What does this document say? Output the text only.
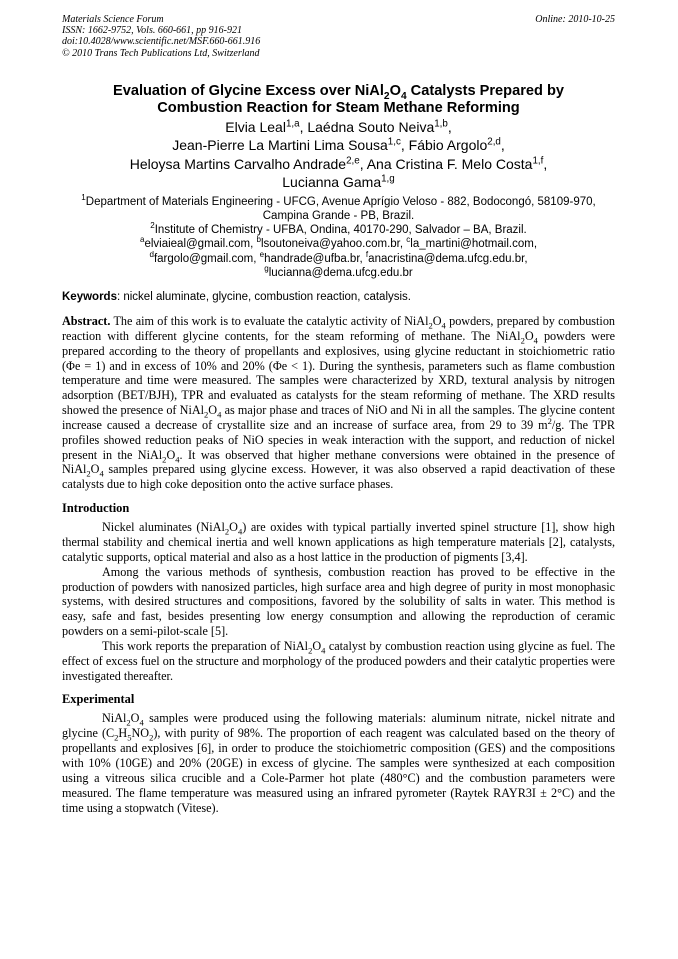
Materials Science Forum
ISSN: 1662-9752, Vols. 660-661, pp 916-921
doi:10.4028/www.scientific.net/MSF.660-661.916
© 2010 Trans Tech Publications Ltd, Switzerland
Online: 2010-10-25
Evaluation of Glycine Excess over $NiAl_2O_4$ Catalysts Prepared by
Combustion Reaction for Steam Methane Reforming
Elvia Leal$^{1,a}$, Laédna Souto Neiva$^{1,b}$,
Jean-Pierre La Martini Lima Sousa$^{1,c}$, Fábio Argolo$^{2,d}$,
Heloysa Martins Carvalho Andrade$^{2,e}$, Ana Cristina F. Melo Costa$^{1,f}$,
Lucianna Gama$^{1,g}$

$^1$Department of Materials Engineering - UFCG, Avenue Aprígio Veloso - 882, Bodocongó, 58109-970, Campina Grande - PB, Brazil.

$^2$Institute of Chemistry - UFBA, Ondina, 40170-290, Salvador – BA, Brazil.

$^a$elviaieal@gmail.com, $^b$lsoutoneiva@yahoo.com.br, $^c$la_martini@hotmail.com,

$^d$fargolo@gmail.com, $^e$handrade@ufba.br, $^f$anacristina@dema.ufcg.edu.br,

$^g$lucianna@dema.ufcg.edu.br

Keywords: nickel aluminate, glycine, combustion reaction, catalysis.
Abstract. The aim of this work is to evaluate the catalytic activity of $NiAl_2O_4$ powders, prepared by combustion reaction with different glycine contents, for the steam reforming of methane. The $NiAl_2O_4$ powders were prepared according to the theory of propellants and explosives, using glycine reductant in stoichiometric ratio (Φe = 1) and in excess of 10% and 20% (Φe < 1). During the synthesis, parameters such as flame combustion temperature and time were measured. The samples were characterized by XRD, textural analysis by nitrogen adsorption (BET/BJH), TPR and evaluated as catalysts for the steam reforming of methane. The XRD results showed the presence of $NiAl_2O_4$ as major phase and traces of NiO and Ni in all the samples. The glycine content increase caused a decrease of crystallite size and an increase of surface area, from 29 to 39 $m^2/g$. The TPR profiles showed reduction peaks of NiO species in weak interaction with the support, and reduction of nickel present in the $NiAl_2O_4$. It was observed that higher methane conversions were obtained in the presence of $NiAl_2O_4$ samples prepared using glycine excess. However, it was also observed a rapid deactivation of these catalysts due to high coke deposition onto the active surface phases.
Introduction

Nickel aluminates $(NiAl_2O_4)$ are oxides with typical partially inverted spinel structure [1], show high thermal stability and chemical inertia and well known applications as high temperature materials [2], catalysts, catalytic supports, optical material and also as a host lattice in the production of pigments [3,4].

Among the various methods of synthesis, combustion reaction has proved to be effective in the production of powders with nanosized particles, high surface area and high degree of purity in most monophasic systems, with desired structures and compositions, favored by the solubility of salts in water. This method is easy, safe and fast, besides presenting low energy consumption and allowing the reproduction of ceramic powders on a semi-pilot-scale [5].

This work reports the preparation of $NiAl_2O_4$ catalyst by combustion reaction using glycine as fuel. The effect of excess fuel on the structure and morphology of the produced powders and their catalytic properties were investigated thereafter.

Experimental

$NiAl_2O_4$ samples were produced using the following materials: aluminum nitrate, nickel nitrate and glycine $(C_2H_5NO_2)$, with purity of 98%. The proportion of each reagent was calculated based on the theory of propellants and explosives [6], in order to produce the stoichiometric composition (GES) and the compositions with 10% (10GE) and 20% (20GE) in excess of glycine. The samples were synthesized at each composition using a vitreous silica crucible and a Cole-Parmer hot plate (480°C) and the combustion parameters were measured. The flame temperature was measured using an infrared pyrometer (Raytek RAYR3I ± 2°C) and the time using a stopwatch (Vitese).
